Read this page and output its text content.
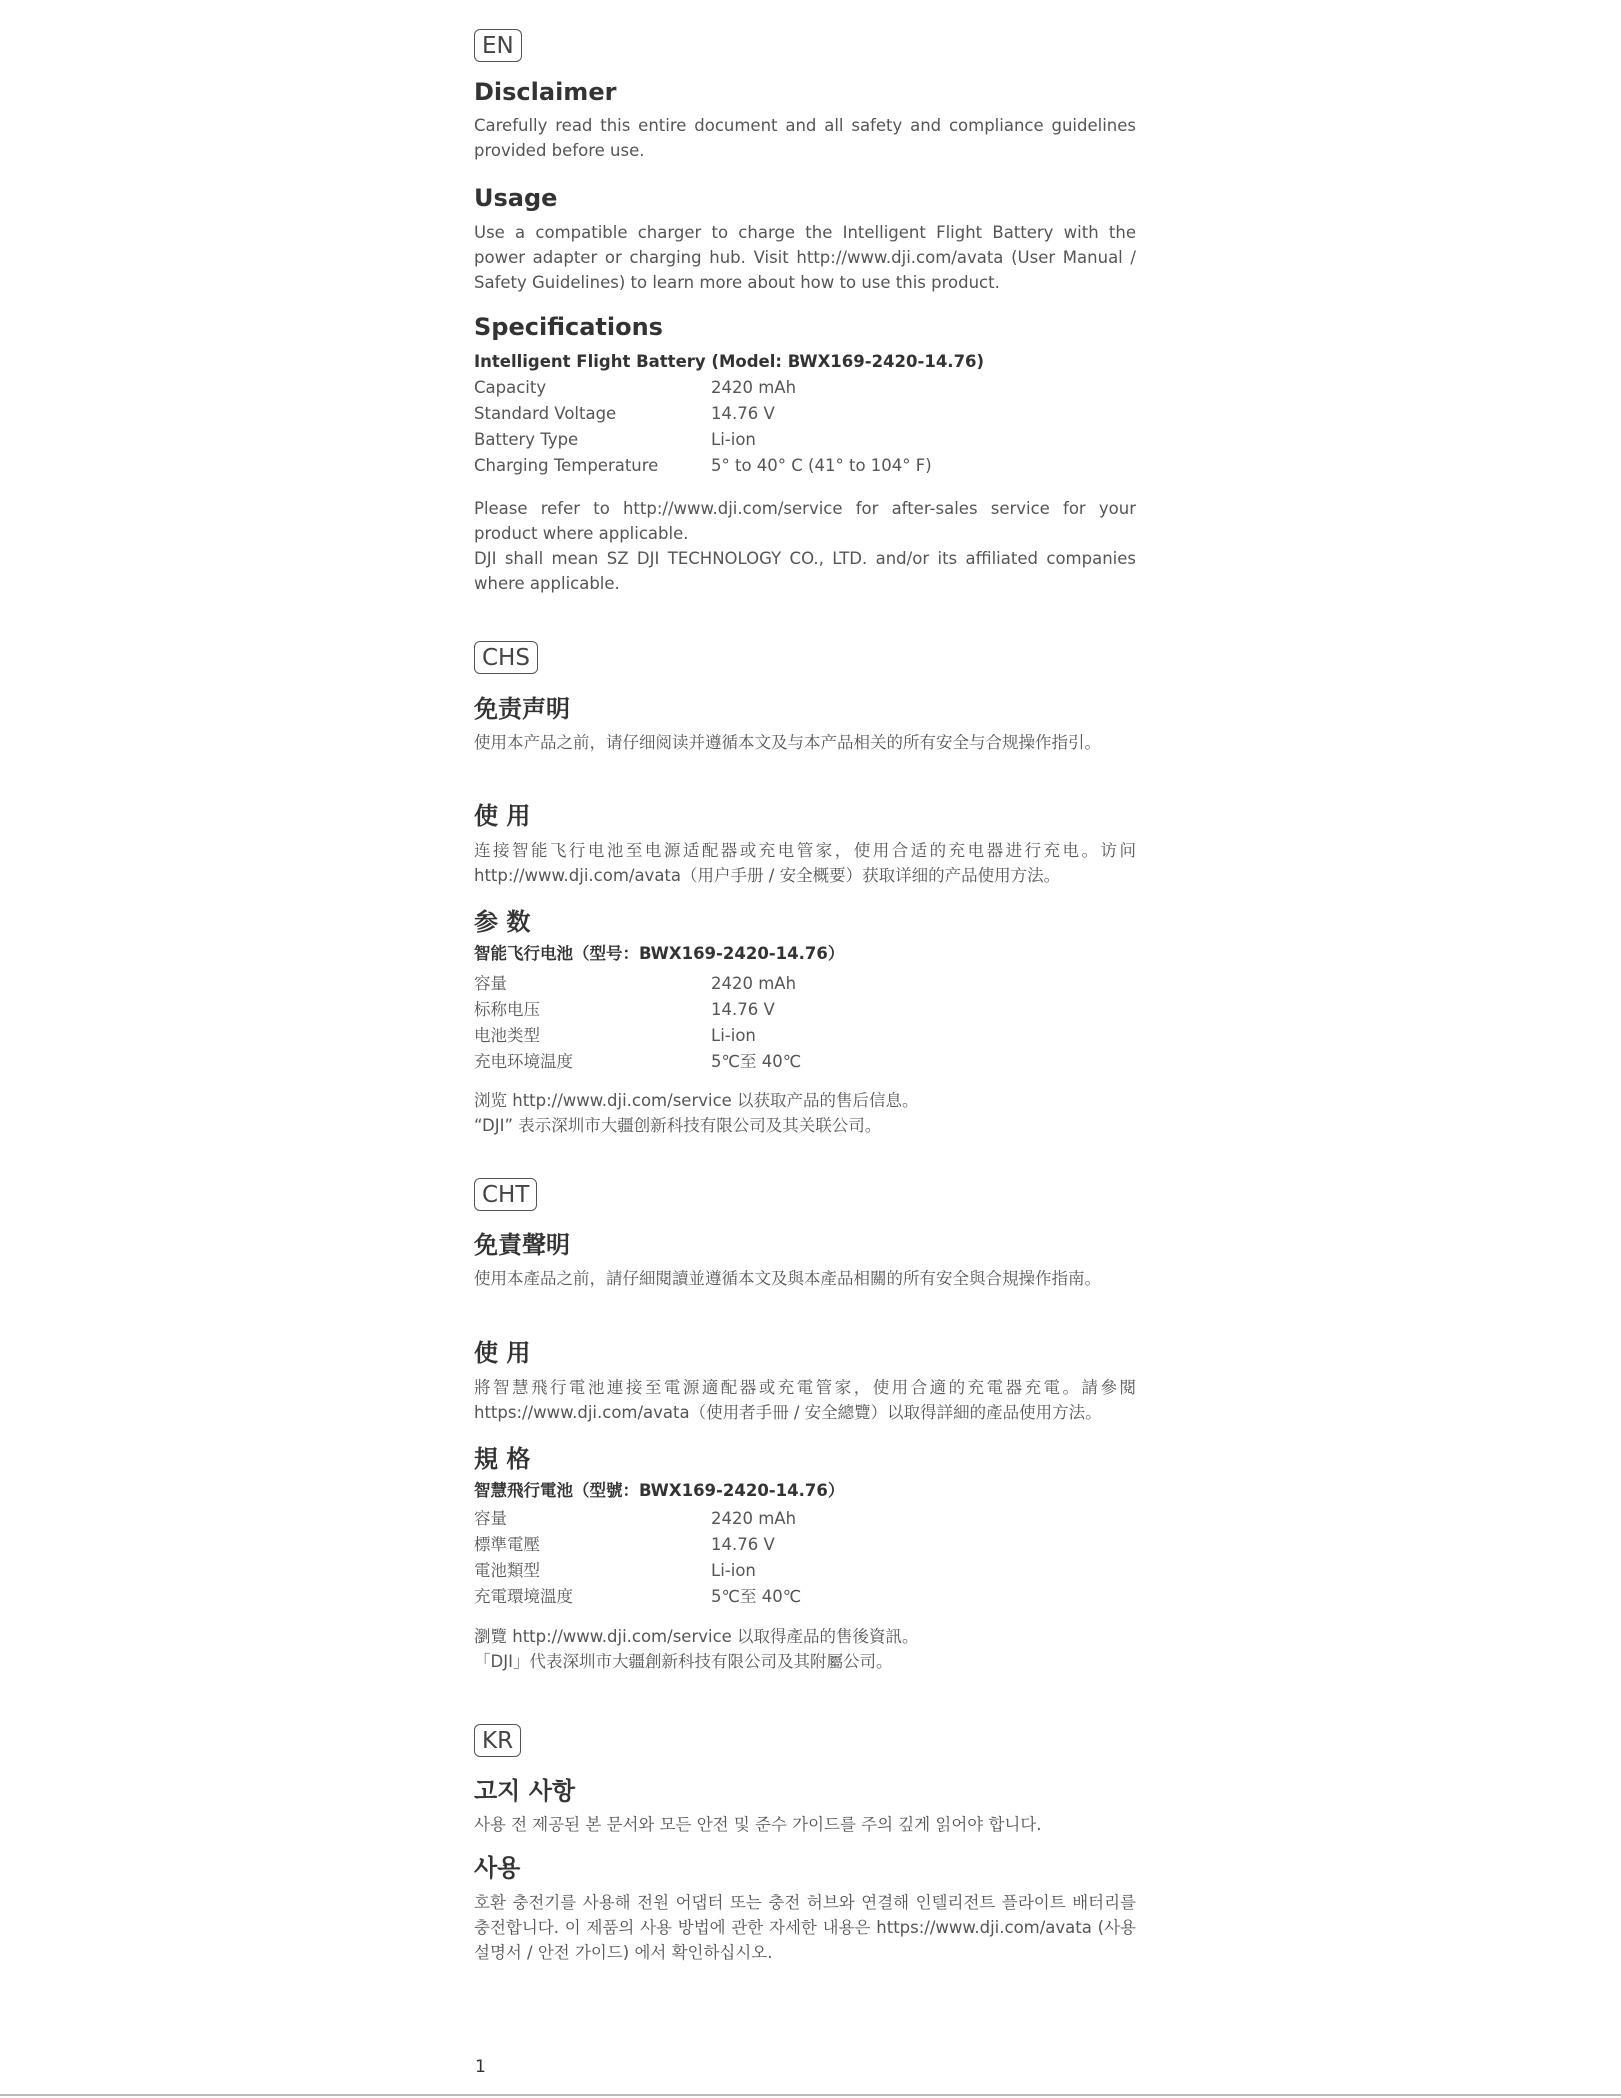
EN
Disclaimer

Carefully read this entire document and all safety and compliance guidelines provided before use.

Usage

Use a compatible charger to charge the Intelligent Flight Battery with the power adapter or charging hub. Visit http://www.dji.com/avata (User Manual / Safety Guidelines) to learn more about how to use this product.

Specifications
Intelligent Flight Battery (Model: BWX169-2420-14.76)
Capacity	2420 mAh
Standard Voltage	14.76 V
Battery Type	Li-ion
Charging Temperature	5° to 40° C (41° to 104° F)

Please refer to http://www.dji.com/service for after-sales service for your product where applicable.

DJI shall mean SZ DJI TECHNOLOGY CO., LTD. and/or its affiliated companies where applicable.

CHS
免责声明

使用本产品之前，请仔细阅读并遵循本文及与本产品相关的所有安全与合规操作指引。

使 用

连接智能飞行电池至电源适配器或充电管家，使用合适的充电器进行充电。访问 http://www.dji.com/avata（用户手册 / 安全概要）获取详细的产品使用方法。

参 数
智能飞行电池（型号：BWX169-2420-14.76）
容量	2420 mAh
标称电压	14.76 V
电池类型	Li-ion
充电环境温度	5℃至 40℃

浏览 http://www.dji.com/service 以获取产品的售后信息。

“DJI” 表示深圳市大疆创新科技有限公司及其关联公司。

CHT
免責聲明

使用本產品之前，請仔細閱讀並遵循本文及與本產品相關的所有安全與合規操作指南。

使 用

將智慧飛行電池連接至電源適配器或充電管家，使用合適的充電器充電。請參閱 https://www.dji.com/avata（使用者手冊 / 安全總覽）以取得詳細的產品使用方法。

規 格
智慧飛行電池（型號：BWX169-2420-14.76）
容量	2420 mAh
標準電壓	14.76 V
電池類型	Li-ion
充電環境溫度	5℃至 40℃

瀏覽 http://www.dji.com/service 以取得產品的售後資訊。

「DJI」代表深圳市大疆創新科技有限公司及其附屬公司。

KR
고지 사항

사용 전 제공된 본 문서와 모든 안전 및 준수 가이드를 주의 깊게 읽어야 합니다.

사용

호환 충전기를 사용해 전원 어댑터 또는 충전 허브와 연결해 인텔리전트 플라이트 배터리를 충전합니다. 이 제품의 사용 방법에 관한 자세한 내용은 https://www.dji.com/avata (사용 설명서 / 안전 가이드) 에서 확인하십시오.

1
